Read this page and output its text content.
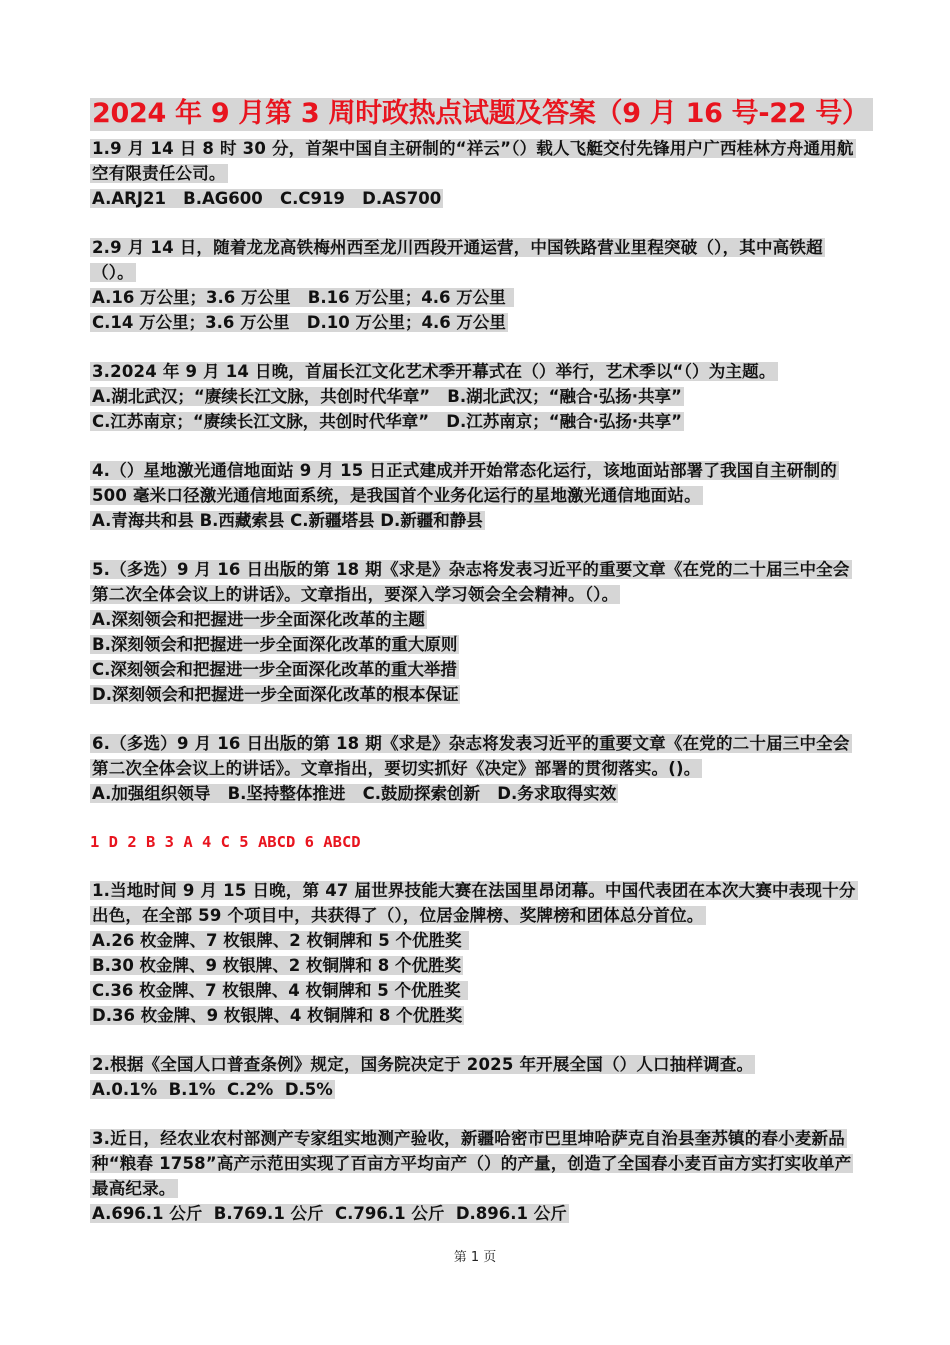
2024 年 9 月第 3 周时政热点试题及答案（9 月 16 号-22 号）

1.9 月 14 日 8 时 30 分，首架中国自主研制的“祥云”（）载人飞艇交付先锋用户广西桂林方舟通用航空有限责任公司。

A.ARJ21   B.AG600   C.C919   D.AS700

2.9 月 14 日，随着龙龙高铁梅州西至龙川西段开通运营，中国铁路营业里程突破（），其中高铁超（）。

A.16 万公里；3.6 万公里   B.16 万公里；4.6 万公里

C.14 万公里；3.6 万公里   D.10 万公里；4.6 万公里

3.2024 年 9 月 14 日晚，首届长江文化艺术季开幕式在（）举行，艺术季以“（）为主题。

A.湖北武汉；“赓续长江文脉，共创时代华章”   B.湖北武汉；“融合·弘扬·共享”

C.江苏南京；“赓续长江文脉，共创时代华章”   D.江苏南京；“融合·弘扬·共享”

4.（）星地激光通信地面站 9 月 15 日正式建成并开始常态化运行，该地面站部署了我国自主研制的 500 毫米口径激光通信地面系统，是我国首个业务化运行的星地激光通信地面站。

A.青海共和县 B.西藏索县 C.新疆塔县 D.新疆和静县

5.（多选）9 月 16 日出版的第 18 期《求是》杂志将发表习近平的重要文章《在党的二十届三中全会第二次全体会议上的讲话》。文章指出，要深入学习领会全会精神。（）。

A.深刻领会和把握进一步全面深化改革的主题

B.深刻领会和把握进一步全面深化改革的重大原则

C.深刻领会和把握进一步全面深化改革的重大举措

D.深刻领会和把握进一步全面深化改革的根本保证

6.（多选）9 月 16 日出版的第 18 期《求是》杂志将发表习近平的重要文章《在党的二十届三中全会第二次全体会议上的讲话》。文章指出，要切实抓好《决定》部署的贯彻落实。()。

A.加强组织领导   B.坚持整体推进   C.鼓励探索创新   D.务求取得实效

1 D 2 B 3 A 4 C 5 ABCD 6 ABCD

1.当地时间 9 月 15 日晚，第 47 届世界技能大赛在法国里昂闭幕。中国代表团在本次大赛中表现十分出色，在全部 59 个项目中，共获得了（），位居金牌榜、奖牌榜和团体总分首位。

A.26 枚金牌、7 枚银牌、2 枚铜牌和 5 个优胜奖

B.30 枚金牌、9 枚银牌、2 枚铜牌和 8 个优胜奖

C.36 枚金牌、7 枚银牌、4 枚铜牌和 5 个优胜奖

D.36 枚金牌、9 枚银牌、4 枚铜牌和 8 个优胜奖

2.根据《全国人口普查条例》规定，国务院决定于 2025 年开展全国（）人口抽样调查。

A.0.1%  B.1%  C.2%  D.5%

3.近日，经农业农村部测产专家组实地测产验收，新疆哈密市巴里坤哈萨克自治县奎苏镇的春小麦新品种“粮春 1758”高产示范田实现了百亩方平均亩产（）的产量，创造了全国春小麦百亩方实打实收单产最高纪录。

A.696.1 公斤  B.769.1 公斤  C.796.1 公斤  D.896.1 公斤

第 1 页
